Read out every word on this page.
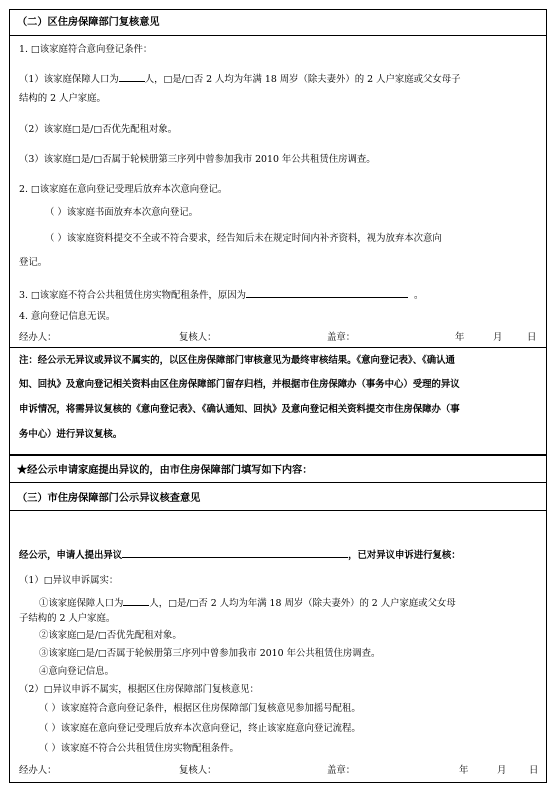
（二）区住房保障部门复核意见
1. □该家庭符合意向登记条件：
（1）该家庭保障人口为	人，□是/□否 2 人均为年满 18 周岁（除夫妻外）的 2 人户家庭或父女母子
结构的 2 人户家庭。
（2）该家庭□是/□否优先配租对象。
（3）该家庭□是/□否属于轮候册第三序列中曾参加我市 2010 年公共租赁住房调查。
2. □该家庭在意向登记受理后放弃本次意向登记。
（ ）该家庭书面放弃本次意向登记。
（ ）该家庭资料提交不全或不符合要求，经告知后未在规定时间内补齐资料，视为放弃本次意向
登记。
3. □该家庭不符合公共租赁住房实物配租条件，原因为	。
4. 意向登记信息无误。
经办人：	复核人：	盖章：	年	月	日
注：经公示无异议或异议不属实的，以区住房保障部门审核意见为最终审核结果。《意向登记表》、《确认通
知、回执》及意向登记相关资料由区住房保障部门留存归档，并根据市住房保障办（事务中心）受理的异议
申诉情况，将需异议复核的《意向登记表》、《确认通知、回执》及意向登记相关资料提交市住房保障办（事
务中心）进行异议复核。
★经公示申请家庭提出异议的，由市住房保障部门填写如下内容：
（三）市住房保障部门公示异议核查意见
经公示，申请人提出异议	，已对异议申诉进行复核：
（1）□异议申诉属实：
①该家庭保障人口为	人，□是/□否 2 人均为年满 18 周岁（除夫妻外）的 2 人户家庭或父女母
子结构的 2 人户家庭。
②该家庭□是/□否优先配租对象。
③该家庭□是/□否属于轮候册第三序列中曾参加我市 2010 年公共租赁住房调查。
④意向登记信息。
（2）□异议申诉不属实，根据区住房保障部门复核意见：
（ ）该家庭符合意向登记条件，根据区住房保障部门复核意见参加摇号配租。
（ ）该家庭在意向登记受理后放弃本次意向登记，终止该家庭意向登记流程。
（ ）该家庭不符合公共租赁住房实物配租条件。
经办人：	复核人：	盖章：	年	月 日
